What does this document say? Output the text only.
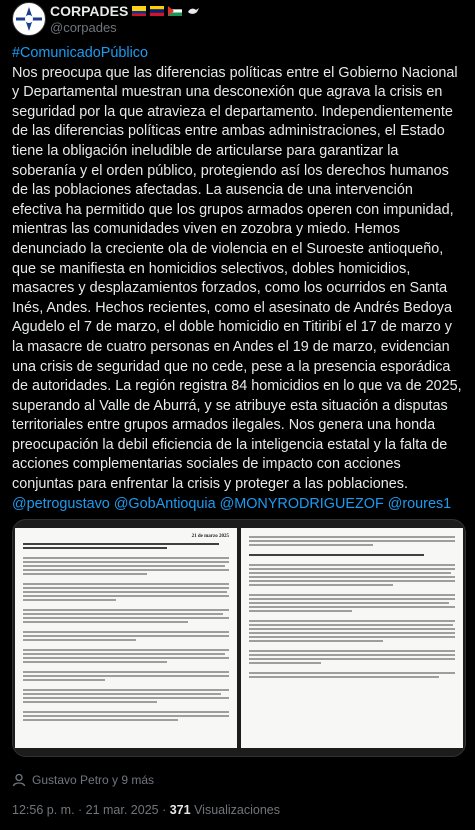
CORPADES
@corpades

#ComunicadoPúblico

Nos preocupa que las diferencias políticas entre el Gobierno Nacional y Departamental muestran una desconexión que agrava la crisis en seguridad por la que atravieza el departamento. Independientemente de las diferencias políticas entre ambas administraciones, el Estado tiene la obligación ineludible de articularse para garantizar la soberanía y el orden público, protegiendo así los derechos humanos de las poblaciones afectadas. La ausencia de una intervención efectiva ha permitido que los grupos armados operen con impunidad, mientras las comunidades viven en zozobra y miedo. Hemos denunciado la creciente ola de violencia en el Suroeste antioqueño, que se manifiesta en homicidios selectivos, dobles homicidios, masacres y desplazamientos forzados, como los ocurridos en Santa Inés, Andes. Hechos recientes, como el asesinato de Andrés Bedoya Agudelo el 7 de marzo, el doble homicidio en Titiribí el 17 de marzo y la masacre de cuatro personas en Andes el 19 de marzo, evidencian una crisis de seguridad que no cede, pese a la presencia esporádica de autoridades. La región registra 84 homicidios en lo que va de 2025, superando al Valle de Aburrá, y se atribuye esta situación a disputas territoriales entre grupos armados ilegales. Nos genera una honda preocupación la debil eficiencia de la inteligencia estatal y la falta de acciones complementarias sociales de impacto con acciones conjuntas para enfrentar la crisis y proteger a las poblaciones.

@petrogustavo @GobAntioquia @MONYRODRIGUEZOF @roures1

21 de marzo 2025
Gustavo Petro y 9 más
12:56 p. m. · 21 mar. 2025 · 371 Visualizaciones
